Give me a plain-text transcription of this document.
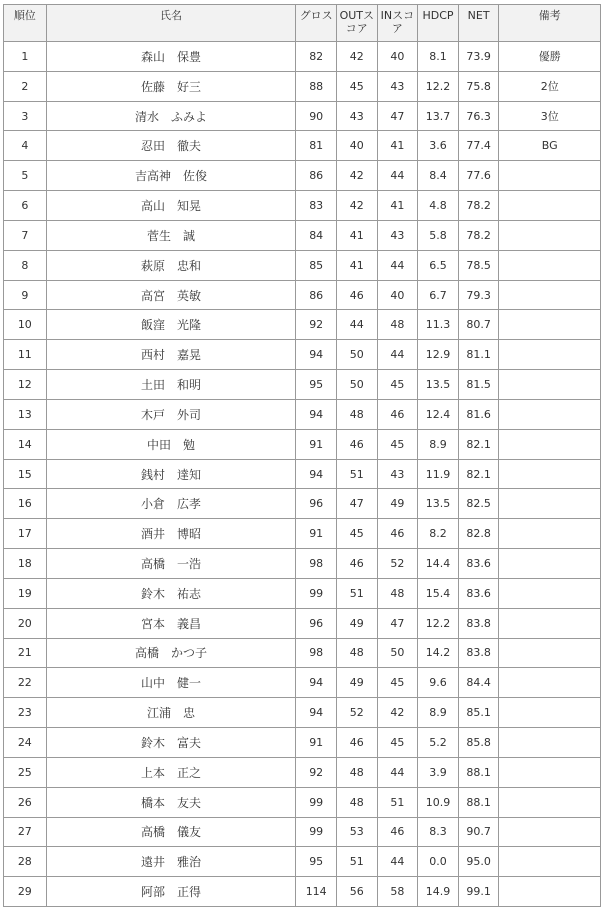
順位	氏名	グロス	OUTスコア	INスコア	HDCP	NET	備考
1	森山　保豊	82	42	40	8.1	73.9	優勝
2	佐藤　好三	88	45	43	12.2	75.8	2位
3	清水　ふみよ	90	43	47	13.7	76.3	3位
4	忍田　徹夫	81	40	41	3.6	77.4	BG
5	吉高神　佐俊	86	42	44	8.4	77.6	
6	高山　知晃	83	42	41	4.8	78.2	
7	菅生　誠	84	41	43	5.8	78.2	
8	萩原　忠和	85	41	44	6.5	78.5	
9	高宮　英敏	86	46	40	6.7	79.3	
10	飯窪　光隆	92	44	48	11.3	80.7	
11	西村　嘉晃	94	50	44	12.9	81.1	
12	土田　和明	95	50	45	13.5	81.5	
13	木戸　外司	94	48	46	12.4	81.6	
14	中田　勉	91	46	45	8.9	82.1	
15	銭村　達知	94	51	43	11.9	82.1	
16	小倉　広孝	96	47	49	13.5	82.5	
17	酒井　博昭	91	45	46	8.2	82.8	
18	高橋　一浩	98	46	52	14.4	83.6	
19	鈴木　祐志	99	51	48	15.4	83.6	
20	宮本　義昌	96	49	47	12.2	83.8	
21	高橋　かつ子	98	48	50	14.2	83.8	
22	山中　健一	94	49	45	9.6	84.4	
23	江浦　忠	94	52	42	8.9	85.1	
24	鈴木　富夫	91	46	45	5.2	85.8	
25	上本　正之	92	48	44	3.9	88.1	
26	橋本　友夫	99	48	51	10.9	88.1	
27	高橋　儀友	99	53	46	8.3	90.7	
28	遠井　雅治	95	51	44	0.0	95.0	
29	阿部　正得	114	56	58	14.9	99.1	
